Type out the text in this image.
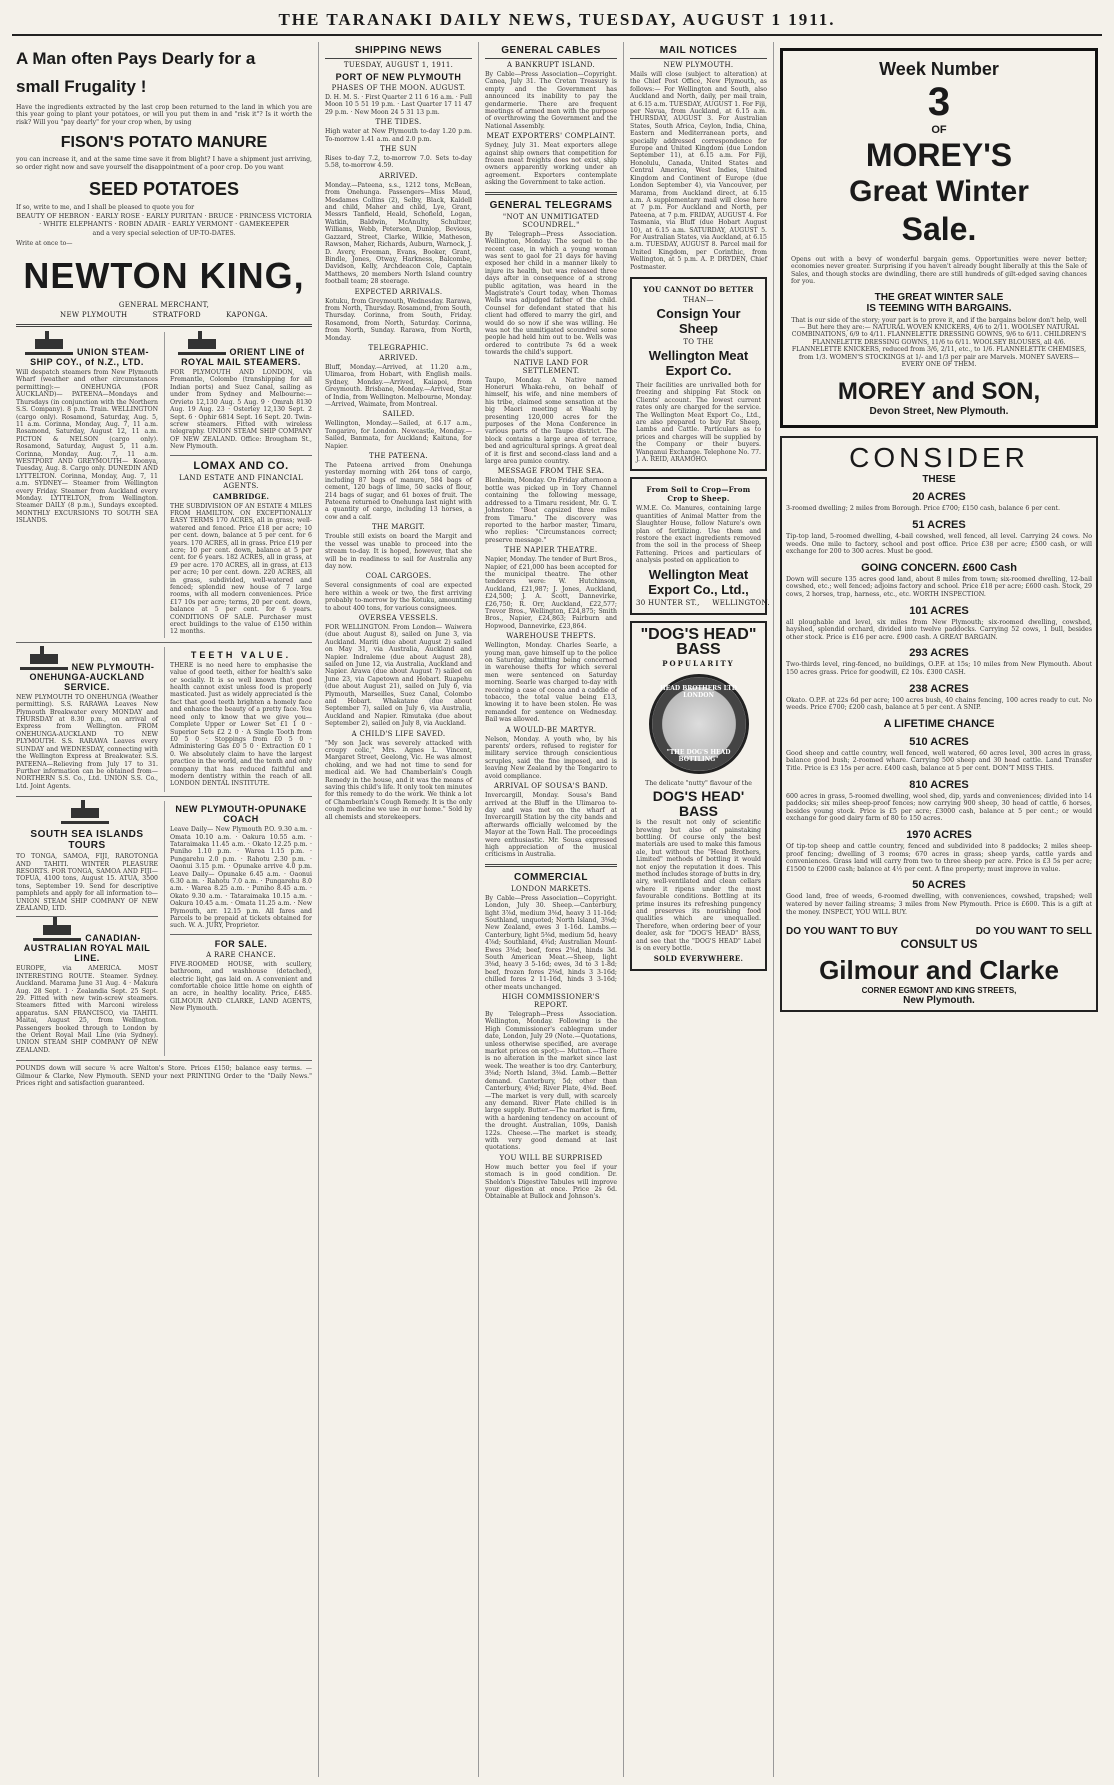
THE TARANAKI DAILY NEWS, TUESDAY, AUGUST 1 1911.
A Man often Pays Dearly for a
small Frugality !
Have the ingredients extracted by the last crop been returned to the land in which you are this year going to plant your potatoes, or will you put them in and "risk it"? Is it worth the risk? Will you "pay dearly" for your crop when, by using
FISON'S POTATO MANURE
you can increase it, and at the same time save it from blight? I have a shipment just arriving, so order right now and save yourself the disappointment of a poor crop. Do you want
SEED POTATOES
If so, write to me, and I shall be pleased to quote you for
BEAUTY OF HEBRON · EARLY ROSE · EARLY PURITAN · BRUCE · PRINCESS VICTORIA · WHITE ELEPHANTS · ROBIN ADAIR · EARLY VERMONT · GAMEKEEPER
and a very special selection of UP-TO-DATES.
Write at once to—
NEWTON KING,
GENERAL MERCHANT,
NEW PLYMOUTH          STRATFORD          KAPONGA.
UNION STEAM-SHIP COY., of N.Z., LTD.
Will despatch steamers from New Plymouth Wharf (weather and other circumstances permitting):— ONEHUNGA (FOR AUCKLAND)— PATEENA—Mondays and Thursdays (in conjunction with the Northern S.S. Company). 8 p.m. Train. WELLINGTON (cargo only). Rosamond, Saturday, Aug. 5, 11 a.m. Corinna, Monday, Aug. 7, 11 a.m. Rosamond, Saturday, August 12, 11 a.m. PICTON & NELSON (cargo only). Rosamond, Saturday, August 5, 11 a.m. Corinna, Monday, Aug. 7, 11 a.m. WESTPORT AND GREYMOUTH— Koonya, Tuesday, Aug. 8. Cargo only. DUNEDIN AND LYTTELTON. Corinna, Monday, Aug. 7, 11 a.m. SYDNEY— Steamer from Wellington every Friday. Steamer from Auckland every Monday. LYTTELTON, from Wellington. Steamer DAILY (8 p.m.), Sundays excepted. MONTHLY EXCURSIONS TO SOUTH SEA ISLANDS.
ORIENT LINE of ROYAL MAIL STEAMERS.
FOR PLYMOUTH AND LONDON, via Fremantle, Colombo (transhipping for all Indian ports) and Suez Canal, sailing as under from Sydney and Melbourne:— Orvieto 12,130 Aug. 5 Aug. 9 · Omrah 8130 Aug. 19 Aug. 23 · Osterley 12,130 Sept. 2 Sept. 6 · Ophir 6814 Sept. 16 Sept. 20. Twin-screw steamers. Fitted with wireless telegraphy. UNION STEAM SHIP COMPANY OF NEW ZEALAND. Office: Brougham St., New Plymouth.
LOMAX AND CO.
LAND ESTATE AND FINANCIAL AGENTS.
CAMBRIDGE.
THE SUBDIVISION OF AN ESTATE 4 MILES FROM HAMILTON. ON EXCEPTIONALLY EASY TERMS 170 ACRES, all in grass; well-watered and fenced. Price £18 per acre; 10 per cent. down, balance at 5 per cent. for 6 years. 170 ACRES, all in grass. Price £19 per acre; 10 per cent. down, balance at 5 per cent. for 6 years. 182 ACRES, all in grass, at £9 per acre. 170 ACRES, all in grass, at £13 per acre; 10 per cent. down. 220 ACRES, all in grass, subdivided, well-watered and fenced; splendid new house of 7 large rooms, with all modern conveniences. Price £17 10s per acre; terms, 20 per cent. down, balance at 5 per cent. for 6 years. CONDITIONS OF SALE. Purchaser must erect buildings to the value of £150 within 12 months.
NEW PLYMOUTH-ONEHUNGA-AUCKLAND SERVICE.
NEW PLYMOUTH TO ONEHUNGA (Weather permitting). S.S. RARAWA Leaves New Plymouth Breakwater every MONDAY and THURSDAY at 8.30 p.m., on arrival of Express from Wellington. FROM ONEHUNGA-AUCKLAND TO NEW PLYMOUTH. S.S. RARAWA Leaves every SUNDAY and WEDNESDAY, connecting with the Wellington Express at Breakwater. S.S. PATEENA—Relieving from July 17 to 31. Further information can be obtained from— NORTHERN S.S. Co., Ltd. UNION S.S. Co., Ltd. Joint Agents.
TEETH VALUE.
THERE is no need here to emphasise the value of good teeth, either for health's sake or socially. It is so well known that good health cannot exist unless food is properly masticated. Just as widely appreciated is the fact that good teeth brighten a homely face and enhance the beauty of a pretty face. You need only to know that we give you— Complete Upper or Lower Set £1 1 0 · Superior Sets £2 2 0 · A Single Tooth from £0 5 0 · Stoppings from £0 5 0 · Administering Gas £0 5 0 · Extraction £0 1 0. We absolutely claim to have the largest practice in the world, and the tenth and only company that has reduced faithful and modern dentistry within the reach of all. LONDON DENTAL INSTITUTE.
SOUTH SEA ISLANDS TOURS
TO TONGA, SAMOA, FIJI, RAROTONGA AND TAHITI. WINTER PLEASURE RESORTS. FOR TONGA, SAMOA AND FIJI— TOFUA, 4100 tons, August 15. ATUA, 3500 tons, September 19. Send for descriptive pamphlets and apply for all information to— UNION STEAM SHIP COMPANY OF NEW ZEALAND, LTD.
CANADIAN-AUSTRALIAN ROYAL MAIL LINE.
EUROPE, via AMERICA. MOST INTERESTING ROUTE. Steamer. Sydney. Auckland. Marama June 31 Aug. 4 · Makura Aug. 28 Sept. 1 · Zealandia Sept. 25 Sept. 29. Fitted with new twin-screw steamers. Steamers fitted with Marconi wireless apparatus. SAN FRANCISCO, via TAHITI. Maitai, August 25, from Wellington. Passengers booked through to London by the Orient Royal Mail Line (via Sydney). UNION STEAM SHIP COMPANY OF NEW ZEALAND.
NEW PLYMOUTH-OPUNAKE COACH
Leave Daily— New Plymouth P.O. 9.30 a.m. · Omata 10.10 a.m. · Oakura 10.55 a.m. · Tataraimaka 11.45 a.m. · Okato 12.25 p.m. · Puniho 1.10 p.m. · Warea 1.15 p.m. · Pungarehu 2.0 p.m. · Rahotu 2.30 p.m. · Oaonui 3.15 p.m. · Opunake arrive 4.0 p.m. Leave Daily— Opunake 6.45 a.m. · Oaonui 6.30 a.m. · Rahotu 7.0 a.m. · Pungarehu 8.0 a.m. · Warea 8.25 a.m. · Puniho 8.45 a.m. · Okato 9.30 a.m. · Tataraimaka 10.15 a.m. · Oakura 10.45 a.m. · Omata 11.25 a.m. · New Plymouth, arr. 12.15 p.m. All fares and Parcels to be prepaid at tickets obtained for such. W. A. JURY, Proprietor.
FOR SALE.
A RARE CHANCE.
FIVE-ROOMED HOUSE, with scullery, bathroom, and washhouse (detached), electric light, gas laid on. A convenient and comfortable choice little home on eighth of an acre, in healthy locality. Price, £485. GILMOUR AND CLARKE, LAND AGENTS, New Plymouth.
POUNDS down will secure ¼ acre Walton's Store. Prices £150; balance easy terms. — Gilmour & Clarke, New Plymouth. SEND your next PRINTING Order to the "Daily News." Prices right and satisfaction guaranteed.
SHIPPING NEWS
TUESDAY, AUGUST 1, 1911.
PORT OF NEW PLYMOUTH
PHASES OF THE MOON. AUGUST.
D. H. M. S. · First Quarter 2 11 6 16 a.m. · Full Moon 10 5 51 19 p.m. · Last Quarter 17 11 47 29 p.m. · New Moon 24 5 31 13 p.m.
THE TIDES.
High water at New Plymouth to-day 1.20 p.m. To-morrow 1.41 a.m. and 2.0 p.m.
THE SUN
Rises to-day 7.2, to-morrow 7.0. Sets to-day 5.58, to-morrow 4.59.
ARRIVED.
Monday.—Pateena, s.s., 1212 tons, McBean, from Onehunga. Passengers—Miss Maud, Mesdames Collins (2), Selby, Black, Kaldell and child, Maher and child, Lye, Grant, Messrs Tanfield, Heald, Schofield, Logan, Watkin, Baldwin, McAnulty, Schultzer, Williams, Webb, Peterson, Dunlop, Bevious, Gazzard, Street, Clarke, Wilkie, Matheson, Rawson, Maher, Richards, Auburn, Warnock, J. D. Avery, Freeman, Evans, Booker, Grant, Bindle, Jones, Otway, Harkness, Balcombe, Davidson, Kelly, Archdeacon Cole, Captain Matthews, 20 members North Island country football team; 28 steerage.
EXPECTED ARRIVALS.
Kotuku, from Greymouth, Wednesday. Rarawa, from North, Thursday. Rosamond, from South, Thursday. Corinna, from South, Friday. Rosamond, from North, Saturday. Corinna, from North, Sunday. Rarawa, from North, Monday.
TELEGRAPHIC.
ARRIVED.
Bluff, Monday.—Arrived, at 11.20 a.m., Ulimaroa, from Hobart, with English mails. Sydney, Monday.—Arrived, Kaiapoi, from Greymouth. Brisbane, Monday.—Arrived, Star of India, from Wellington. Melbourne, Monday.—Arrived, Waimate, from Montreal.
SAILED.
Wellington, Monday.—Sailed, at 6.17 a.m., Tongariro, for London. Newcastle, Monday.—Sailed, Banmata, for Auckland; Kaituna, for Napier.
THE PATEENA.
The Pateena arrived from Onehunga yesterday morning with 264 tons of cargo, including 87 bags of manure, 584 bags of cement, 120 bags of lime, 50 sacks of flour, 214 bags of sugar, and 61 boxes of fruit. The Pateena returned to Onehunga last night with a quantity of cargo, including 13 horses, a cow and a calf.
THE MARGIT.
Trouble still exists on board the Margit and the vessel was unable to proceed into the stream to-day. It is hoped, however, that she will be in readiness to sail for Australia any day now.
COAL CARGOES.
Several consignments of coal are expected here within a week or two, the first arriving probably to-morrow by the Kotuku, amounting to about 400 tons, for various consignees.
OVERSEA VESSELS.
FOR WELLINGTON. From London— Waiwera (due about August 8), sailed on June 3, via Auckland. Mariti (due about August 2) sailed on May 31, via Australia, Auckland and Napier. Indraleme (due about August 28), sailed on June 12, via Australia, Auckland and Napier. Arawa (due about August 7) sailed on June 23, via Capetown and Hobart. Ruapehu (due about August 21), sailed on July 6, via Plymouth, Marseilles, Suez Canal, Colombo and Hobart. Whakatane (due about September 7), sailed on July 6, via Australia, Auckland and Napier. Rimutaka (due about September 2), sailed on July 8, via Auckland.
A CHILD'S LIFE SAVED.
"My son Jack was severely attacked with croupy colic," Mrs. Agnes L. Vincent, Margaret Street, Geelong, Vic. He was almost choking, and we had not time to send for medical aid. We had Chamberlain's Cough Remedy in the house, and it was the means of saving this child's life. It only took ten minutes for this remedy to do the work. We think a lot of Chamberlain's Cough Remedy. It is the only cough medicine we use in our home." Sold by all chemists and storekeepers.
GENERAL CABLES
A BANKRUPT ISLAND.
By Cable—Press Association—Copyright. Canea, July 31. The Cretan Treasury is empty and the Government has announced its inability to pay the gendarmerie. There are frequent meetings of armed men with the purpose of overthrowing the Government and the National Assembly.
MEAT EXPORTERS' COMPLAINT.
Sydney, July 31. Meat exporters allege against ship owners that competition for frozen meat freights does not exist, ship owners apparently working under an agreement. Exporters contemplate asking the Government to take action.
GENERAL TELEGRAMS
"NOT AN UNMITIGATED SCOUNDREL."
By Telegraph—Press Association. Wellington, Monday. The sequel to the recent case, in which a young woman was sent to gaol for 21 days for having exposed her child in a manner likely to injure its health, but was released three days after in consequence of a strong public agitation, was heard in the Magistrate's Court today, when Thomas Wells was adjudged father of the child. Counsel for defendant stated that his client had offered to marry the girl, and would do so now if she was willing. He was not the unmitigated scoundrel some people had held him out to be. Wells was ordered to contribute 7s 6d a week towards the child's support.
NATIVE LAND FOR SETTLEMENT.
Taupo, Monday. A Native named Honeruri Whaka-rehu, on behalf of himself, his wife, and nine members of his tribe, claimed some sensation at the big Maori meeting at Waahi by presenting 120,000 acres for the purposes of the Mona Conference in various parts of the Taupo district. The block contains a large area of terrace, bed and agricultural springs. A great deal of it is first and second-class land and a large area pumice country.
MESSAGE FROM THE SEA.
Blenheim, Monday. On Friday afternoon a bottle was picked up in Tory Channel containing the following message, addressed to a Timaru resident, Mr. G. T. Johnston: "Boat capsized three miles from Timaru." The discovery was reported to the harbor master, Timaru, who replies: "Circumstances correct; preserve message."
THE NAPIER THEATRE.
Napier, Monday. The tender of Burt Bros., Napier, of £21,000 has been accepted for the municipal theatre. The other tenderers were: W. Hutchinson, Auckland, £21,987; J. Jones, Auckland, £24,500; J. A. Scott, Dannevirke, £26,750; R. Orr, Auckland, £22,577; Trevor Bros., Wellington, £24,875; Smith Bros., Napier, £24,863; Fairburn and Hopwood, Dannevirke, £23,864.
WAREHOUSE THEFTS.
Wellington, Monday. Charles Searle, a young man, gave himself up to the police on Saturday, admitting being concerned in warehouse thefts for which several men were sentenced on Saturday morning. Searle was charged to-day with receiving a case of cocoa and a caddie of tobacco, the total value being £13, knowing it to have been stolen. He was remanded for sentence on Wednesday. Bail was allowed.
A WOULD-BE MARTYR.
Nelson, Monday. A youth who, by his parents' orders, refused to register for military service through conscientious scruples, said the fine imposed, and is leaving New Zealand by the Tongariro to avoid compliance.
ARRIVAL OF SOUSA'S BAND.
Invercargill, Monday. Sousa's Band arrived at the Bluff in the Ulimaroa to-day and was met on the wharf at Invercargill Station by the city bands and afterwards officially welcomed by the Mayor at the Town Hall. The proceedings were enthusiastic. Mr. Sousa expressed high appreciation of the musical criticisms in Australia.
COMMERCIAL
LONDON MARKETS.
By Cable—Press Association—Copyright. London, July 30. Sheep.—Canterbury, light 3⅞d, medium 3⅝d, heavy 3 11-16d; Southland, unquoted; North Island, 3⅝d; New Zealand, ewes 3 1-16d. Lambs.—Canterbury, light 5⅜d, medium 5d, heavy 4⅞d; Southland, 4¾d; Australian Mount-Ewes 3⅜d; beef, fores 2⅝d, hinds 3d. South American Meat.—Sheep, light 3⅝d, heavy 3 5-16d; ewes, 3d to 3 1-8d; beef, frozen fores 2⅜d, hinds 3 3-16d; chilled fores 2 11-16d, hinds 3 3-16d; other meats unchanged.
HIGH COMMISSIONER'S REPORT.
By Telegraph—Press Association. Wellington, Monday. Following is the High Commissioner's cablegram under date, London, July 29 (Note.—Quotations, unless otherwise specified, are average market prices on spot):— Mutton.—There is no alteration in the market since last week. The weather is too dry. Canterbury, 3⅝d; North Island, 3⅜d. Lamb.—Better demand. Canterbury, 5d; other than Canterbury, 4⅝d; River Plate, 4⅝d. Beef.—The market is very dull, with scarcely any demand. River Plate chilled is in large supply. Butter.—The market is firm, with a hardening tendency on account of the drought. Australian, 109s, Danish 122s. Cheese.—The market is steady, with very good demand at last quotations.
YOU WILL BE SURPRISED
How much better you feel if your stomach is in good condition. Dr. Sheldon's Digestive Tabules will improve your digestion at once. Price 2s 6d. Obtainable at Bullock and Johnson's.
MAIL NOTICES
NEW PLYMOUTH.
Mails will close (subject to alteration) at the Chief Post Office, New Plymouth, as follows:— For Wellington and South, also Auckland and North, daily, per mail train, at 6.15 a.m. TUESDAY, AUGUST 1. For Fiji, per Navua, from Auckland, at 6.15 a.m. THURSDAY, AUGUST 3. For Australian States, South Africa, Ceylon, India, China, Eastern and Mediterranean ports, and specially addressed correspondence for Europe and United Kingdom (due London September 11), at 6.15 a.m. For Fiji, Honolulu, Canada, United States and Central America, West Indies, United Kingdom and Continent of Europe (due London September 4), via Vancouver, per Marama, from Auckland direct, at 6.15 a.m. A supplementary mail will close here at 7 p.m. For Auckland and North, per Pateena, at 7 p.m. FRIDAY, AUGUST 4. For Tasmania, via Bluff (due Hobart August 10), at 6.15 a.m. SATURDAY, AUGUST 5. For Australian States, via Auckland, at 6.15 a.m. TUESDAY, AUGUST 8. Parcel mail for United Kingdom, per Corinthic, from Wellington, at 5 p.m. A. P. DRYDEN, Chief Postmaster.
YOU CANNOT DO BETTER
THAN—
Consign Your Sheep
TO THE
Wellington Meat Export Co.
Their facilities are unrivalled both for freezing and shipping Fat Stock on Clients' account. The lowest current rates only are charged for the service. The Wellington Meat Export Co., Ltd., are also prepared to buy Fat Sheep, Lambs and Cattle. Particulars as to prices and charges will be supplied by the Company or their buyers. Wanganui Exchange. Telephone No. 77. J. A. REID, ARAMOHO.
From Soil to Crop—From Crop to Sheep.
W.M.E. Co. Manures, containing large quantities of Animal Matter from the Slaughter House, follow Nature's own plan of fertilizing. Use them and restore the exact ingredients removed from the soil in the process of Sheep Fattening. Prices and particulars of analysis posted on application to
Wellington Meat Export Co., Ltd.,
30 HUNTER ST.,     WELLINGTON.
"DOG'S HEAD"
BASS
POPULARITY
HEAD BROTHERS LTD LONDON
"THE DOG'S HEAD BOTTLING"
The delicate "nutty" flavour of the
DOG'S HEAD' BASS
is the result not only of scientific brewing but also of painstaking bottling. Of course only the best materials are used to make this famous ale, but without the "Head Brothers, Limited" methods of bottling it would not enjoy the reputation it does. This method includes storage of butts in dry, airy, well-ventilated and clean cellars where it ripens under the most favourable conditions. Bottling at its prime insures its refreshing pungency and preserves its nourishing food qualities which are unequalled. Therefore, when ordering beer of your dealer, ask for "DOG'S HEAD" BASS, and see that the "DOG'S HEAD" Label is on every bottle.
SOLD EVERYWHERE.
Week Number
3
OF
MOREY'S
Great Winter
Sale.
Opens out with a bevy of wonderful bargain gems. Opportunities were never better; economies never greater. Surprising if you haven't already bought liberally at this the Sale of Sales, and though stocks are dwindling, there are still hundreds of gilt-edged saving chances for you.
THE GREAT WINTER SALE
IS TEEMING WITH BARGAINS.
That is our side of the story; your part is to prove it, and if the bargains below don't help, well— But here they are:— NATURAL WOVEN KNICKERS, 4/6 to 2/11. WOOLSEY NATURAL COMBINATIONS, 6/9 to 4/11. FLANNELETTE DRESSING GOWNS, 9/6 to 6/11. CHILDREN'S FLANNELETTE DRESSING GOWNS, 11/6 to 6/11. WOOLSEY BLOUSES, all 4/6. FLANNELETTE KNICKERS, reduced from 3/6, 2/11, etc., to 1/6. FLANNELETTE CHEMISES, from 1/3. WOMEN'S STOCKINGS at 1/- and 1/3 per pair are Marvels. MONEY SAVERS—EVERY ONE OF THEM.
MOREY and SON,
Devon Street, New Plymouth.
CONSIDER
THESE
20 ACRES
3-roomed dwelling; 2 miles from Borough. Price £700; £150 cash, balance 6 per cent.
51 ACRES
Tip-top land, 5-roomed dwelling, 4-bail cowshed, well fenced, all level. Carrying 24 cows. No weeds. One mile to factory, school and post office. Price £38 per acre; £500 cash, or will exchange for 200 to 300 acres. Must be good.
GOING CONCERN. £600 Cash
Down will secure 135 acres good land, about 8 miles from town; six-roomed dwelling, 12-bail cowshed, etc.; well fenced; adjoins factory and school. Price £18 per acre; £600 cash. Stock, 29 cows, 2 horses, trap, harness, etc., etc. WORTH INSPECTION.
101 ACRES
all ploughable and level, six miles from New Plymouth; six-roomed dwelling, cowshed, hayshed, splendid orchard, divided into twelve paddocks. Carrying 52 cows, 1 bull, besides other stock. Price is £16 per acre. £900 cash. A GREAT BARGAIN.
293 ACRES
Two-thirds level, ring-fenced, no buildings, O.P.F. at 15s; 10 miles from New Plymouth. About 150 acres grass. Price for goodwill, £2 10s. £300 CASH.
238 ACRES
Okato. O.P.F. at 22s 6d per acre; 100 acres bush, 40 chains fencing, 100 acres ready to cut. No weeds. Price £700; £200 cash, balance at 5 per cent. A SNIP.
A LIFETIME CHANCE
510 ACRES
Good sheep and cattle country, well fenced, well watered, 60 acres level, 300 acres in grass, balance good bush; 2-roomed whare. Carrying 500 sheep and 30 head cattle. Land Transfer Title. Price is £3 15s per acre. £400 cash, balance at 5 per cent. DON'T MISS THIS.
810 ACRES
600 acres in grass, 5-roomed dwelling, wool shed, dip, yards and conveniences; divided into 14 paddocks; six miles sheep-proof fences; now carrying 900 sheep, 30 head of cattle, 6 horses, besides young stock. Price is £5 per acre; £3000 cash, balance at 5 per cent.; or would exchange for good dairy farm of 80 to 150 acres.
1970 ACRES
Of tip-top sheep and cattle country, fenced and subdivided into 8 paddocks; 2 miles sheep-proof fencing; dwelling of 3 rooms; 670 acres in grass; sheep yards, cattle yards and conveniences. Grass land will carry from two to three sheep per acre. Price is £3 5s per acre; £1500 to £2000 cash; balance at 4½ per cent. A fine property; must improve in value.
50 ACRES
Good land, free of weeds, 6-roomed dwelling, with conveniences, cowshed, trapshed; well watered by never failing streams; 3 miles from New Plymouth. Price is £600. This is a gift at the money. INSPECT, YOU WILL BUY.
DO YOU WANT TO BUY	DO YOU WANT TO SELL
CONSULT US
Gilmour and Clarke
CORNER EGMONT AND KING STREETS,
New Plymouth.
